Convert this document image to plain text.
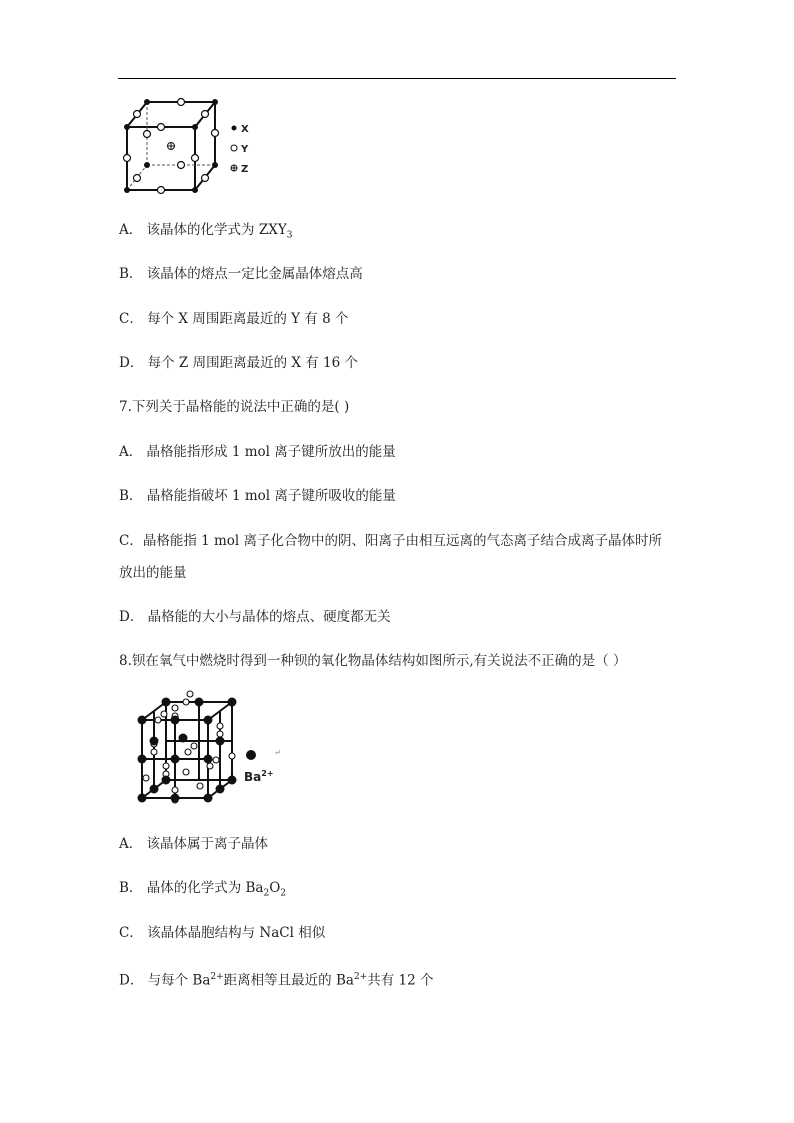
X
Y
Z
A． 该晶体的化学式为 $ZXY_3$
B． 该晶体的熔点一定比金属晶体熔点高
C． 每个 X 周围距离最近的 Y 有 8 个
D． 每个 Z 周围距离最近的 X 有 16 个
7.下列关于晶格能的说法中正确的是( )
A． 晶格能指形成 1 mol 离子键所放出的能量
B． 晶格能指破坏 1 mol 离子键所吸收的能量
C．晶格能指 1 mol 离子化合物中的阴、阳离子由相互远离的气态离子结合成离子晶体时所
放出的能量
D． 晶格能的大小与晶体的熔点、硬度都无关
8.钡在氧气中燃烧时得到一种钡的氧化物晶体结构如图所示,有关说法不正确的是（ ）
↵
$Ba^{2+}$
A． 该晶体属于离子晶体
B． 晶体的化学式为 $Ba_2O_2$
C． 该晶体晶胞结构与 NaCl 相似
D． 与每个 $Ba^{2+}$距离相等且最近的 $Ba^{2+}$共有 12 个
